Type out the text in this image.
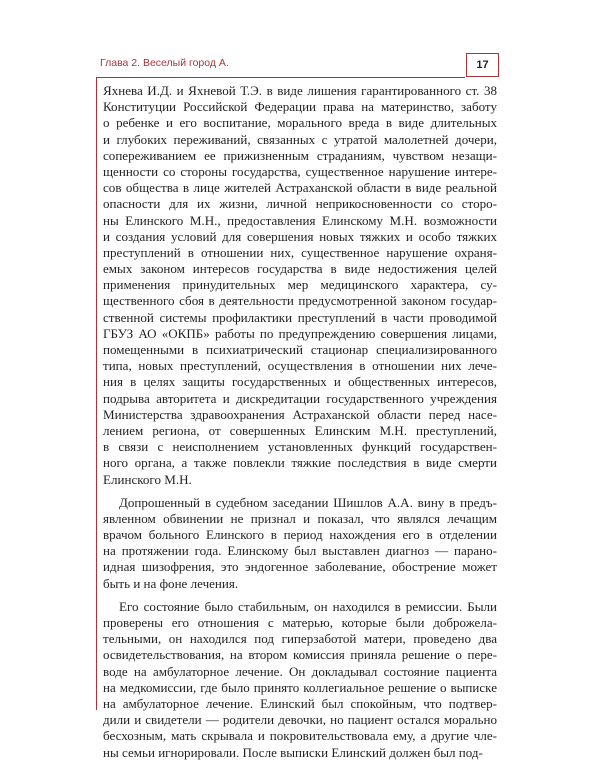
Глава 2. Веселый город А.	17
Яхнева И.Д. и Яхневой Т.Э. в виде лишения гарантированного ст. 38
Конституции Российской Федерации права на материнство, заботу
о ребенке и его воспитание, морального вреда в виде длительных
и глубоких переживаний, связанных с утратой малолетней дочери,
сопереживанием ее прижизненным страданиям, чувством незащи-
щенности со стороны государства, существенное нарушение интере-
сов общества в лице жителей Астраханской области в виде реальной
опасности для их жизни, личной неприкосновенности со сторо-
ны Елинского М.Н., предоставления Елинскому М.Н. возможности
и создания условий для совершения новых тяжких и особо тяжких
преступлений в отношении них, существенное нарушение охраня-
емых законом интересов государства в виде недостижения целей
применения принудительных мер медицинского характера, су-
щественного сбоя в деятельности предусмотренной законом государ-
ственной системы профилактики преступлений в части проводимой
ГБУЗ АО «ОКПБ» работы по предупреждению совершения лицами,
помещенными в психиатрический стационар специализированного
типа, новых преступлений, осуществления в отношении них лече-
ния в целях защиты государственных и общественных интересов,
подрыва авторитета и дискредитации государственного учреждения
Министерства здравоохранения Астраханской области перед насе-
лением региона, от совершенных Елинским М.Н. преступлений,
в связи с неисполнением установленных функций государствен-
ного органа, а также повлекли тяжкие последствия в виде смерти
Елинского М.Н.
Допрошенный в судебном заседании Шишлов А.А. вину в предъ-
явленном обвинении не признал и показал, что являлся лечащим
врачом больного Елинского в период нахождения его в отделении
на протяжении года. Елинскому был выставлен диагноз — парано-
идная шизофрения, это эндогенное заболевание, обострение может
быть и на фоне лечения.
Его состояние было стабильным, он находился в ремиссии. Были
проверены его отношения с матерью, которые были доброжела-
тельными, он находился под гиперзаботой матери, проведено два
освидетельствования, на втором комиссия приняла решение о пере-
воде на амбулаторное лечение. Он докладывал состояние пациента
на медкомиссии, где было принято коллегиальное решение о выписке
на амбулаторное лечение. Елинский был спокойным, что подтвер-
дили и свидетели — родители девочки, но пациент остался морально
бесхозным, мать скрывала и покровительствовала ему, а другие чле-
ны семьи игнорировали. После выписки Елинский должен был под-
